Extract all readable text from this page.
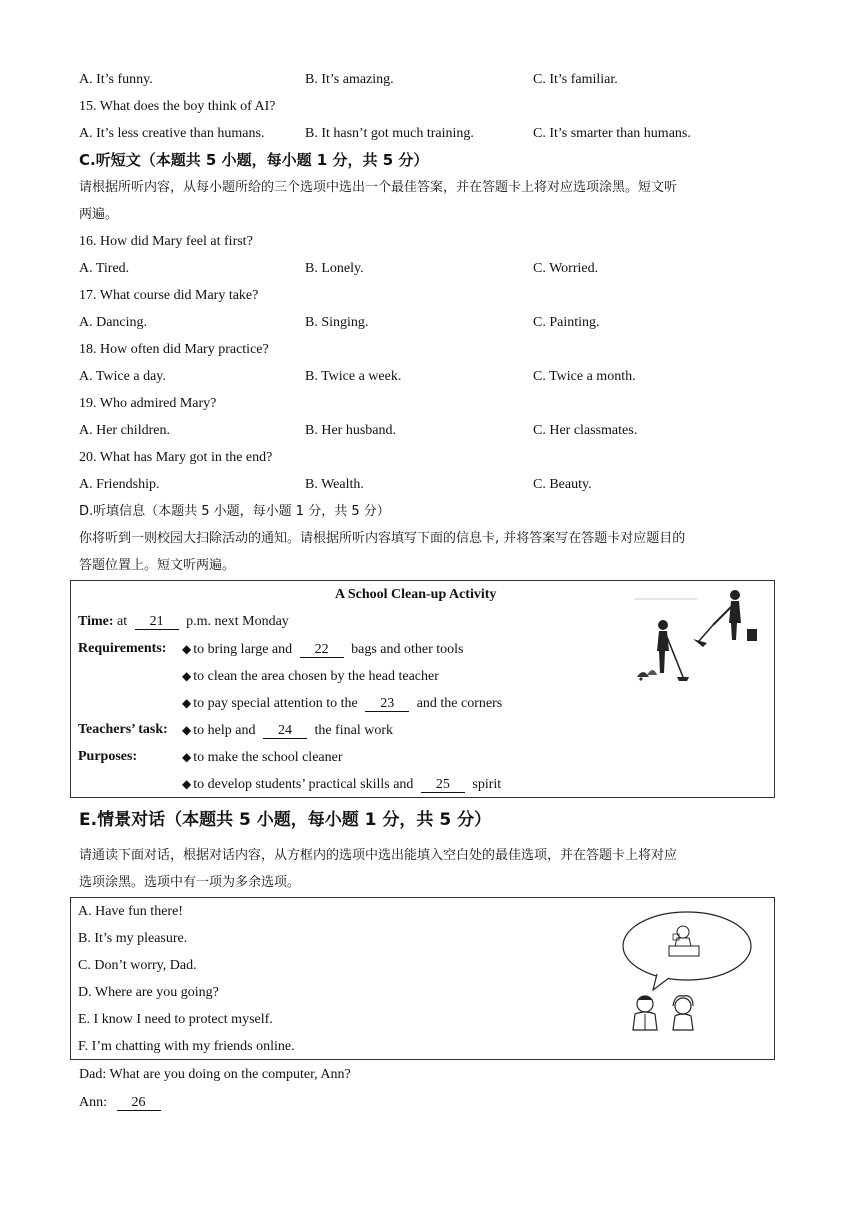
A. It’s funny.	B. It’s amazing.	C. It’s familiar.
15. What does the boy think of AI?
A. It’s less creative than humans.	B. It hasn’t got much training.	C. It’s smarter than humans.
C.听短文（本题共 5 小题，每小题 1 分，共 5 分）
请根据所听内容，从每小题所给的三个选项中选出一个最佳答案，并在答题卡上将对应选项涂黑。短文听
两遍。
16. How did Mary feel at first?
A. Tired.	B. Lonely.	C. Worried.
17. What course did Mary take?
A. Dancing.	B. Singing.	C. Painting.
18. How often did Mary practice?
A. Twice a day.	B. Twice a week.	C. Twice a month.
19. Who admired Mary?
A. Her children.	B. Her husband.	C. Her classmates.
20. What has Mary got in the end?
A. Friendship.	B. Wealth.	C. Beauty.
D.听填信息（本题共 5 小题，每小题 1 分，共 5 分）
你将听到一则校园大扫除活动的通知。请根据所听内容填写下面的信息卡, 并将答案写在答题卡对应题目的
答题位置上。短文听两遍。
A School Clean-up Activity
Time: at 21 p.m. next Monday
Requirements: ◆ to bring large and 22 bags and other tools
◆ to clean the area chosen by the head teacher
◆ to pay special attention to the 23 and the corners
Teachers’ task: ◆ to help and 24 the final work
Purposes:	◆ to make the school cleaner
◆ to develop students’ practical skills and 25 spirit
E.情景对话（本题共 5 小题，每小题 1 分，共 5 分）
请通读下面对话，根据对话内容，从方框内的选项中选出能填入空白处的最佳选项，并在答题卡上将对应
选项涂黑。选项中有一项为多余选项。
A. Have fun there!
B. It’s my pleasure.
C. Don’t worry, Dad.
D. Where are you going?
E. I know I need to protect myself.
F. I’m chatting with my friends online.
Dad: What are you doing on the computer, Ann?
Ann: 26
